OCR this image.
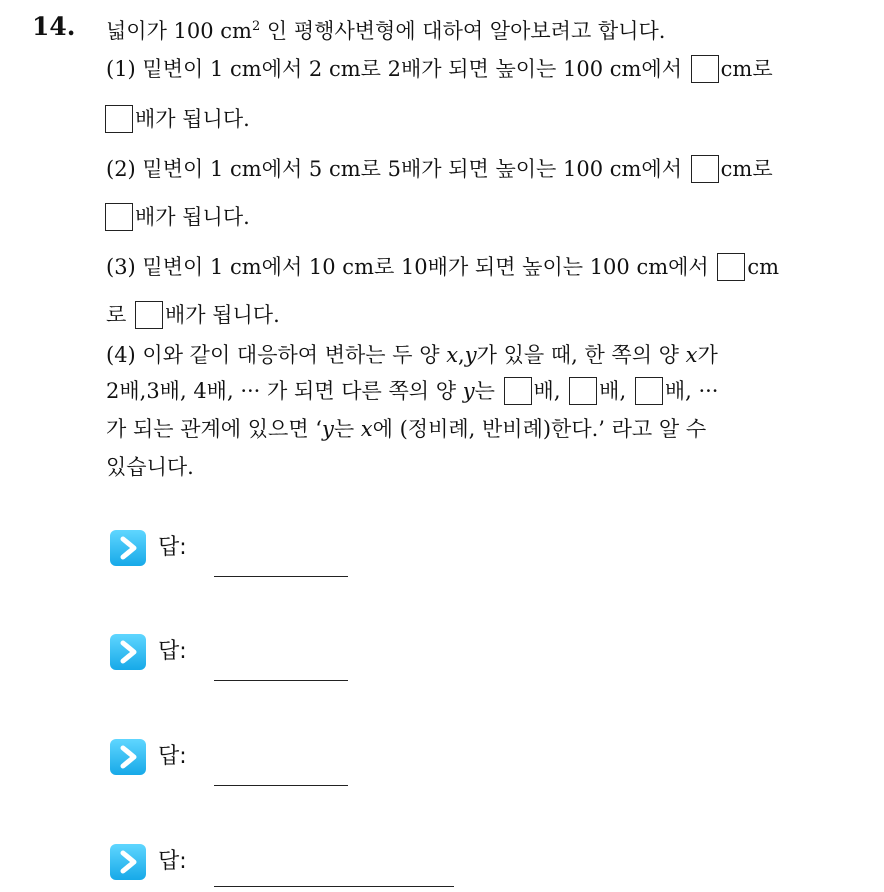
14. 넓이가 100 $cm^2$ 인 평행사변형에 대하여 알아보려고 합니다.
(1) 밑변이 1 cm에서 2 cm로 2배가 되면 높이는 100 cm에서 cm로
배가 됩니다.
(2) 밑변이 1 cm에서 5 cm로 5배가 되면 높이는 100 cm에서 cm로
배가 됩니다.
(3) 밑변이 1 cm에서 10 cm로 10배가 되면 높이는 100 cm에서 cm
로 배가 됩니다.
(4) 이와 같이 대응하여 변하는 두 양 x,y가 있을 때, 한 쪽의 양 x가
2배,3배, 4배, ··· 가 되면 다른 쪽의 양 y는 배, 배, 배, ···
가 되는 관계에 있으면 ‘y는 x에 (정비례, 반비례)한다.’ 라고 알 수
있습니다.
답:
답:
답:
답:
